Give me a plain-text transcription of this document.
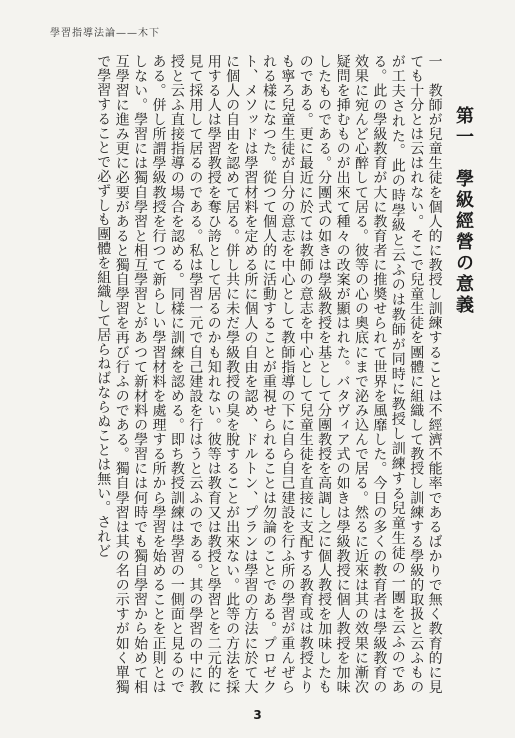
學習指導法論——木下
第一　學級經營の意義

一　教師が兒童生徒を個人的に教授し訓練することは不經濟不能率であるばかりで無く教育的に見ても十分とは云はれない。そこで兒童生徒を團體に組織して教授し訓練する學級的取扱と云ふものが工夫された。此の時學級と云ふのは教師が同時に教授し訓練する兒童生徒の一團を云ふのである。此の學級教育が大に教育者に推奬せられて世界を風靡した。今日の多くの教育者は學級教育の效果に宛んど心醉して居る。彼等の心の奧底にまで泌み込んで居る。然るに近來は其の效果に漸次疑問を挿むものが出來て種々の改案が顯はれた。バタヴィア式の如きは學級教授に個人教授を加味したものである。分團式の如きは學級教授を基として分團教授を高調し之に個人教授を加味したものである。更に最近に於ては教師の意志を中心として兒童生徒を直接に支配する教育或は教授よりも寧ろ兒童生徒が自分の意志を中心として教師指導の下に自ら自己建設を行ふ所の學習が重んぜられる樣になつた。從つて個人的に活動することが重視せられることは勿論のことである。プロゼクト、メソッドは學習材料を定める所に個人の自由を認め、ドルトン、プランは學習の方法に於て大に個人の自由を認めて居る。併し共に未だ學級教授の臭を脫することが出來ない。此等の方法を採用する人は學習教授を奪ひ誇として居るのかも知れない。彼等は教育又は教授と學習とを二元的に見て採用して居るのである。私は學習一元で自己建設を行はうと云ふのである。其の學習の中に教授と云ふ直接指導の場合を認める。同樣に訓練を認める。即ち教授訓練は學習の一側面と見るのである。併し所謂學級教授を行つて新らしい學習材料を處理する所から學習を始めることを正則とはしない。學習には獨自學習と相互學習とがあつて新材料の學習には何時でも獨自學習から始めて相互學習に進み更に必要があると獨自學習を再び行ふのである。獨自學習は其の名の示すが如く單獨で學習することで必ずしも團體を組織して居らねばならぬことは無い。されど

3
